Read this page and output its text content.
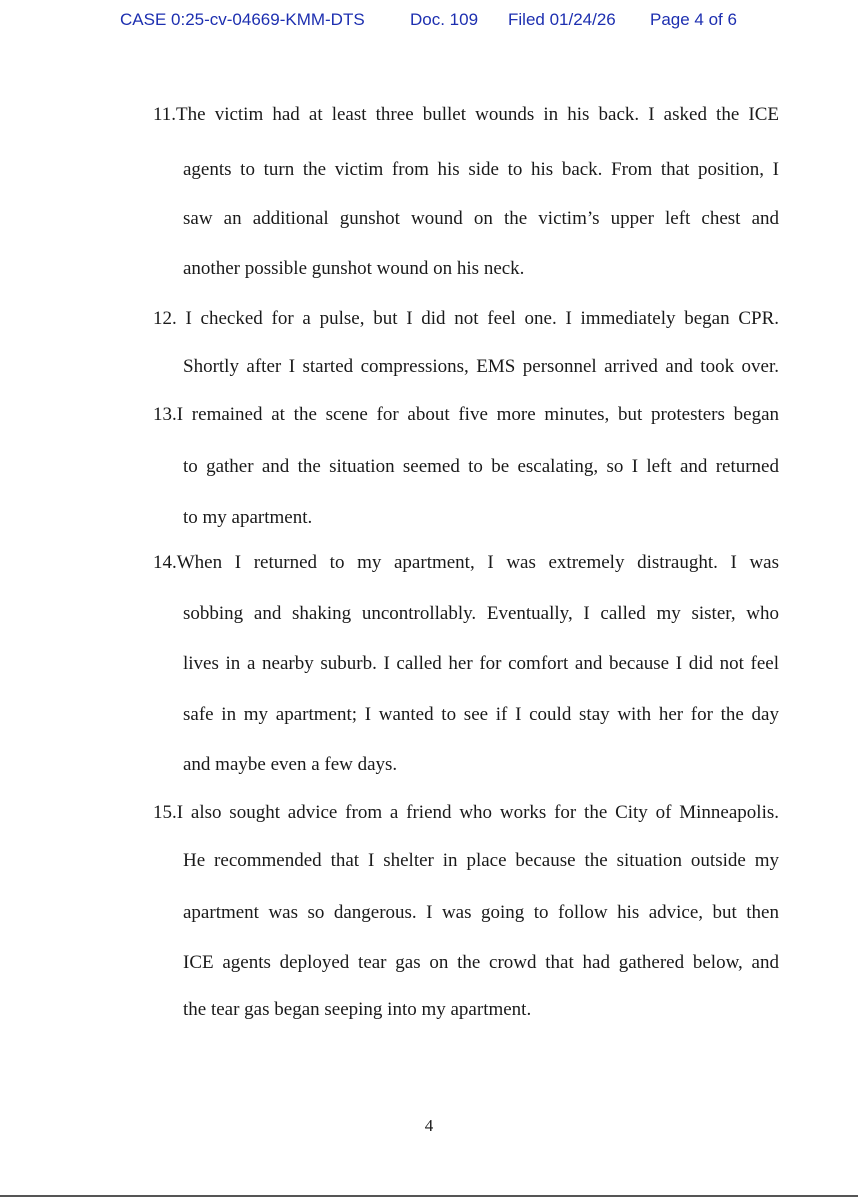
CASE 0:25-cv-04669-KMM-DTS	Doc. 109	Filed 01/24/26	Page 4 of 6
11.The victim had at least three bullet wounds in his back. I asked the ICE
agents to turn the victim from his side to his back. From that position, I
saw an additional gunshot wound on the victim’s upper left chest and
another possible gunshot wound on his neck.
12. I checked for a pulse, but I did not feel one. I immediately began CPR.
Shortly after I started compressions, EMS personnel arrived and took over.
13.I remained at the scene for about five more minutes, but protesters began
to gather and the situation seemed to be escalating, so I left and returned
to my apartment.
14.When I returned to my apartment, I was extremely distraught. I was
sobbing and shaking uncontrollably. Eventually, I called my sister, who
lives in a nearby suburb. I called her for comfort and because I did not feel
safe in my apartment; I wanted to see if I could stay with her for the day
and maybe even a few days.
15.I also sought advice from a friend who works for the City of Minneapolis.
He recommended that I shelter in place because the situation outside my
apartment was so dangerous. I was going to follow his advice, but then
ICE agents deployed tear gas on the crowd that had gathered below, and
the tear gas began seeping into my apartment.
4
